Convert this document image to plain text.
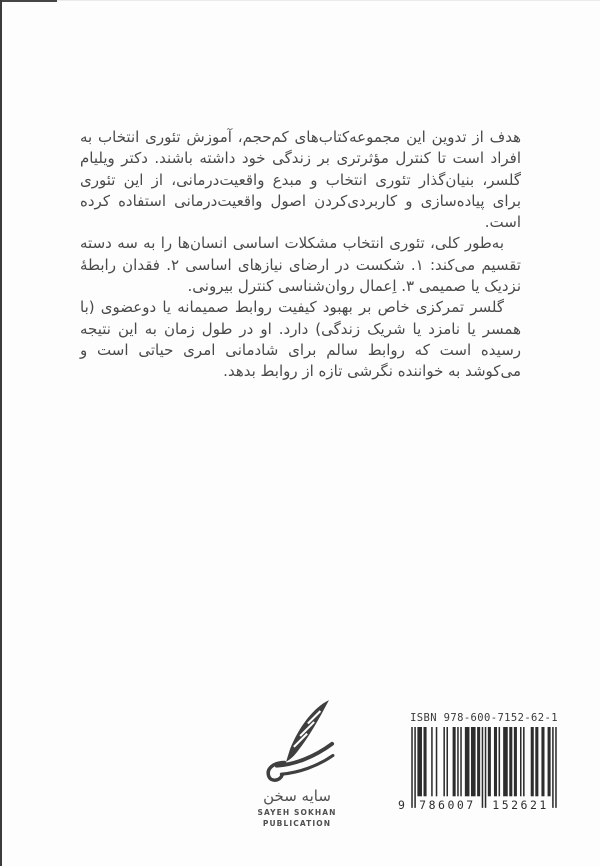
هدف از تدوین این مجموعه‌کتاب‌های کم‌حجم، آموزش تئوری انتخاب به افراد است تا کنترل مؤثرتری بر زندگی خود داشته باشند. دکتر ویلیام گلسر، بنیان‌گذار تئوری انتخاب و مبدع واقعیت‌درمانی، از این تئوری برای پیاده‌سازی و کاربردی‌کردن اصول واقعیت‌درمانی استفاده کرده است.

به‌طور کلی، تئوری انتخاب مشکلات اساسی انسان‌ها را به سه دسته تقسیم می‌کند: ۱. شکست در ارضای نیازهای اساسی ۲. فقدان رابطهٔ نزدیک یا صمیمی ۳. اِعمال روان‌شناسی کنترل بیرونی.

گلسر تمرکزی خاص بر بهبود کیفیت روابط صمیمانه یا دوعضوی (با همسر یا نامزد یا شریک زندگی) دارد. او در طول زمان به این نتیجه رسیده است که روابط سالم برای شادمانی امری حیاتی است و می‌کوشد به خواننده نگرشی تازه از روابط بدهد.

سایه سخن
SAYEH SOKHAN
PUBLICATION
ISBN 978-600-7152-62-1
9	786007	152621
